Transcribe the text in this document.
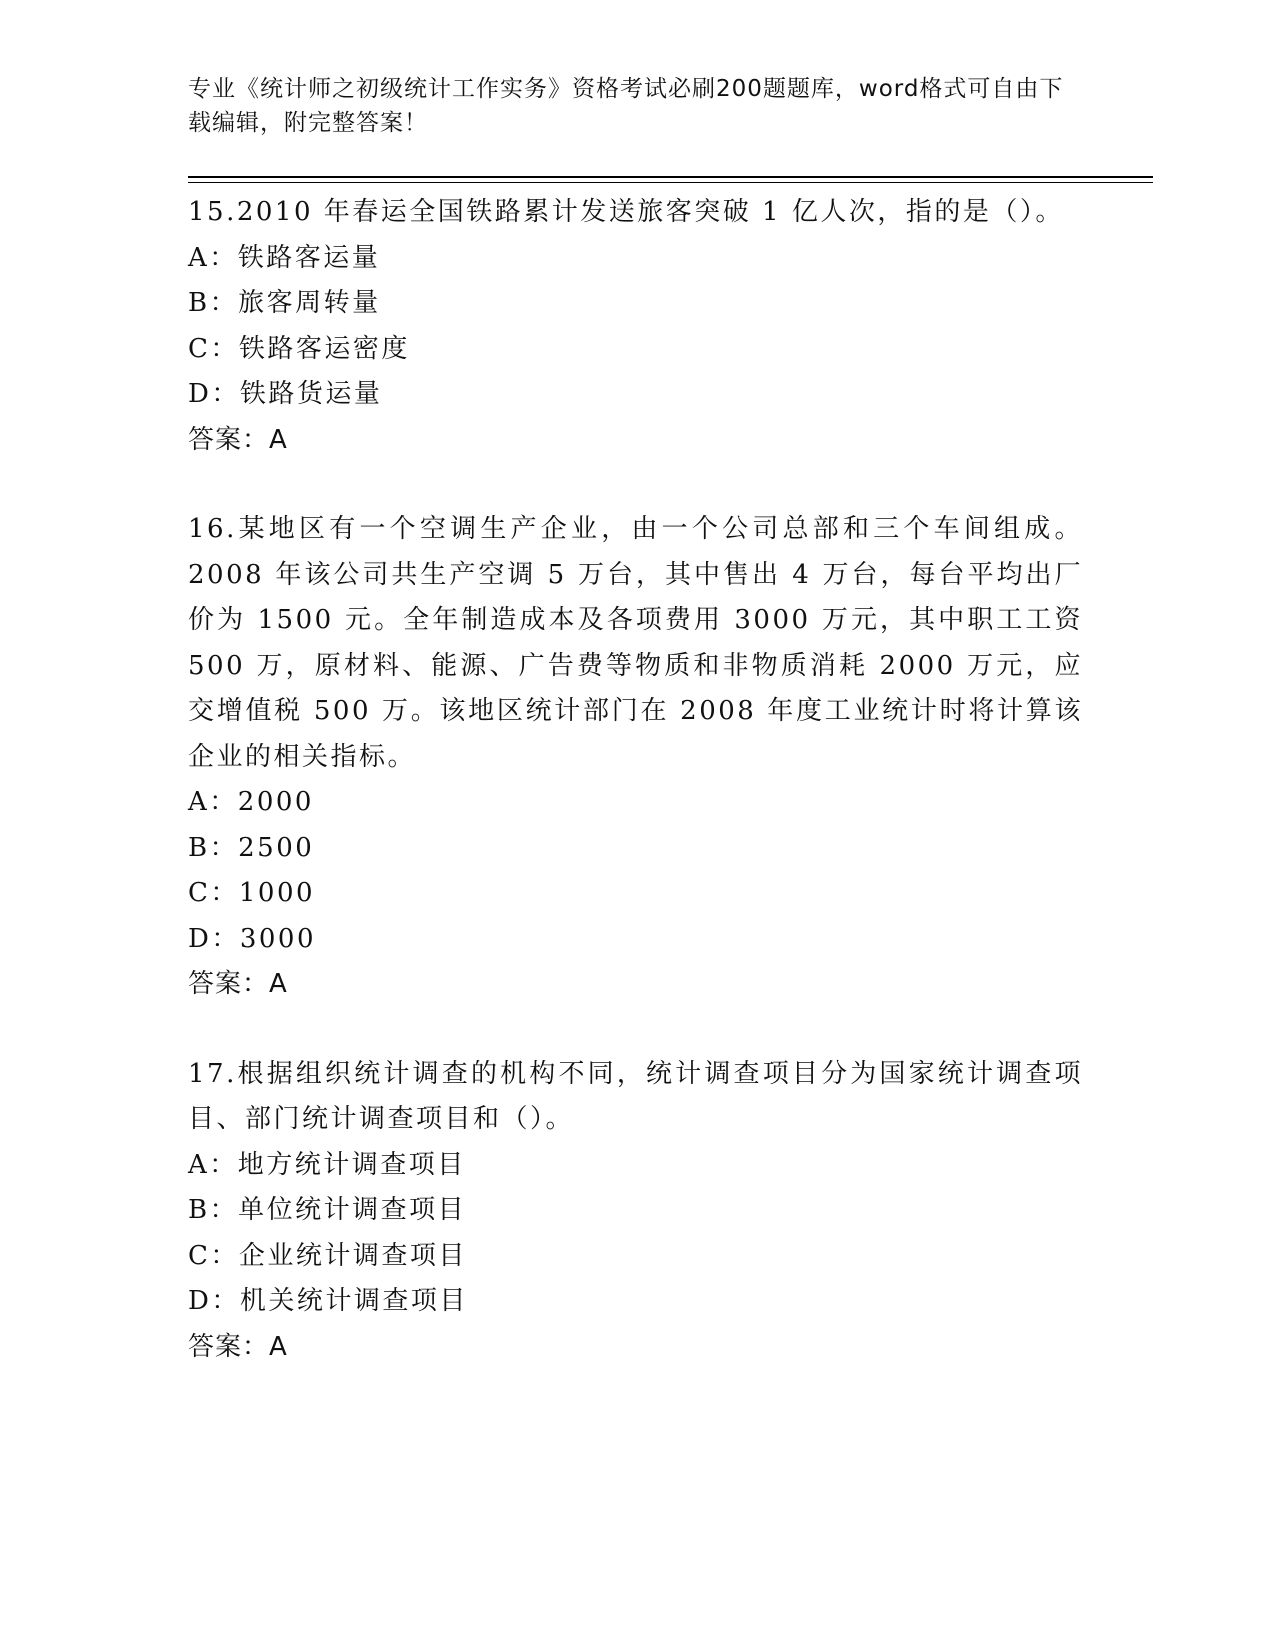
专业《统计师之初级统计工作实务》资格考试必刷200题题库，word格式可自由下载编辑，附完整答案！
15.2010 年春运全国铁路累计发送旅客突破 1 亿人次，指的是（）。
A：铁路客运量
B：旅客周转量
C：铁路客运密度
D：铁路货运量
答案：A
16.某地区有一个空调生产企业，由一个公司总部和三个车间组成。2008 年该公司共生产空调 5 万台，其中售出 4 万台，每台平均出厂价为 1500 元。全年制造成本及各项费用 3000 万元，其中职工工资 500 万，原材料、能源、广告费等物质和非物质消耗 2000 万元，应交增值税 500 万。该地区统计部门在 2008 年度工业统计时将计算该企业的相关指标。
A：2000
B：2500
C：1000
D：3000
答案：A
17.根据组织统计调查的机构不同，统计调查项目分为国家统计调查项目、部门统计调查项目和（）。
A：地方统计调查项目
B：单位统计调查项目
C：企业统计调查项目
D：机关统计调查项目
答案：A
